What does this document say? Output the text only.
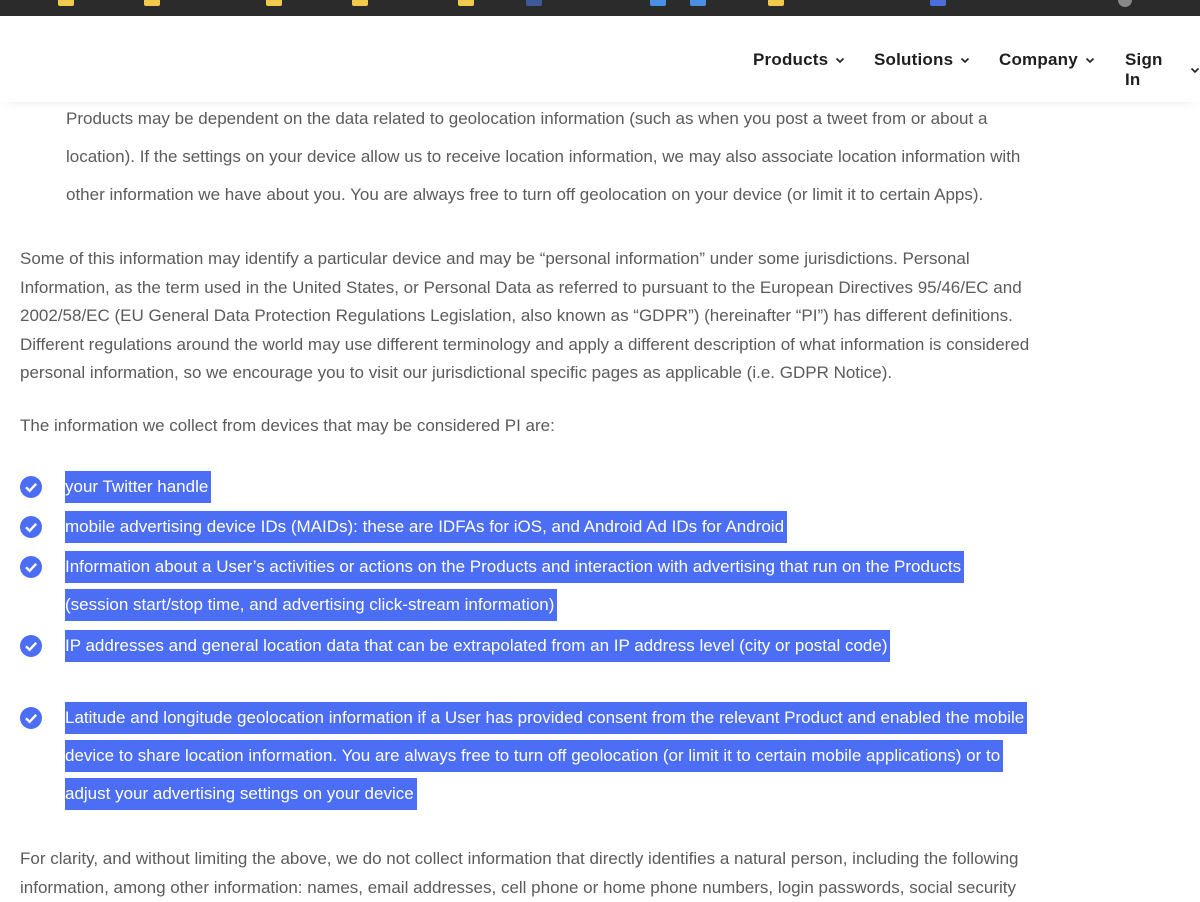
Products	Solutions	Company	Sign In

Products may be dependent on the data related to geolocation information (such as when you post a tweet from or about a location). If the settings on your device allow us to receive location information, we may also associate location information with other information we have about you. You are always free to turn off geolocation on your device (or limit it to certain Apps).

Some of this information may identify a particular device and may be “personal information” under some jurisdictions. Personal Information, as the term used in the United States, or Personal Data as referred to pursuant to the European Directives 95/46/EC and 2002/58/EC (EU General Data Protection Regulations Legislation, also known as “GDPR”) (hereinafter “PI”) has different definitions. Different regulations around the world may use different terminology and apply a different description of what information is considered personal information, so we encourage you to visit our jurisdictional specific pages as applicable (i.e. GDPR Notice).

The information we collect from devices that may be considered PI are:

your Twitter handle
mobile advertising device IDs (MAIDs): these are IDFAs for iOS, and Android Ad IDs for Android
Information about a User’s activities or actions on the Products and interaction with advertising that run on the Products (session start/stop time, and advertising click-stream information)
IP addresses and general location data that can be extrapolated from an IP address level (city or postal code)
Latitude and longitude geolocation information if a User has provided consent from the relevant Product and enabled the mobile device to share location information. You are always free to turn off geolocation (or limit it to certain mobile applications) or to adjust your advertising settings on your device

For clarity, and without limiting the above, we do not collect information that directly identifies a natural person, including the following information, among other information: names, email addresses, cell phone or home phone numbers, login passwords, social security
